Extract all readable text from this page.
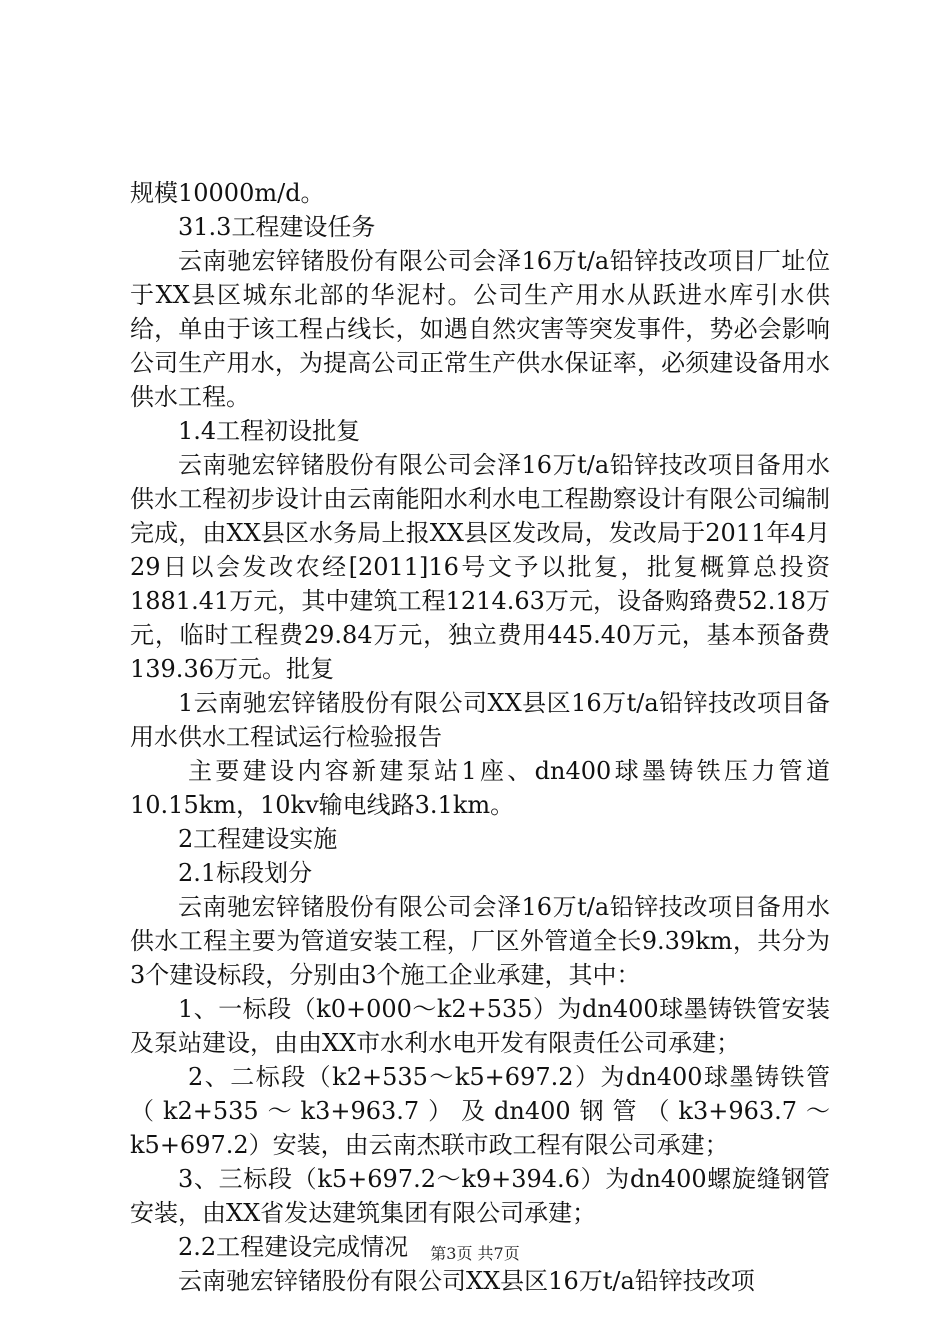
规模10000m/d。

31.3工程建设任务

云南驰宏锌锗股份有限公司会泽16万t/a铅锌技改项目厂址位于XX县区城东北部的华泥村。公司生产用水从跃进水库引水供给，单由于该工程占线长，如遇自然灾害等突发事件，势必会影响公司生产用水，为提高公司正常生产供水保证率，必须建设备用水供水工程。

1.4工程初设批复

云南驰宏锌锗股份有限公司会泽16万t/a铅锌技改项目备用水供水工程初步设计由云南能阳水利水电工程勘察设计有限公司编制完成，由XX县区水务局上报XX县区发改局，发改局于2011年4月29日以会发改农经[2011]16号文予以批复，批复概算总投资1881.41万元，其中建筑工程1214.63万元，设备购臵费52.18万元，临时工程费29.84万元，独立费用445.40万元，基本预备费139.36万元。批复

1云南驰宏锌锗股份有限公司XX县区16万t/a铅锌技改项目备用水供水工程试运行检验报告

主要建设内容新建泵站1座、dn400球墨铸铁压力管道10.15km，10kv输电线路3.1km。

2工程建设实施

2.1标段划分

云南驰宏锌锗股份有限公司会泽16万t/a铅锌技改项目备用水供水工程主要为管道安装工程，厂区外管道全长9.39km，共分为3个建设标段，分别由3个施工企业承建，其中：

1、一标段（k0+000～k2+535）为dn400球墨铸铁管安装及泵站建设，由由XX市水利水电开发有限责任公司承建；

2、二标段（k2+535～k5+697.2）为dn400球墨铸铁管（k2+535～k3+963.7）及dn400钢管（k3+963.7～k5+697.2）安装，由云南杰联市政工程有限公司承建；

3、三标段（k5+697.2～k9+394.6）为dn400螺旋缝钢管安装，由XX省发达建筑集团有限公司承建；

2.2工程建设完成情况

云南驰宏锌锗股份有限公司XX县区16万t/a铅锌技改项

第3页 共7页
